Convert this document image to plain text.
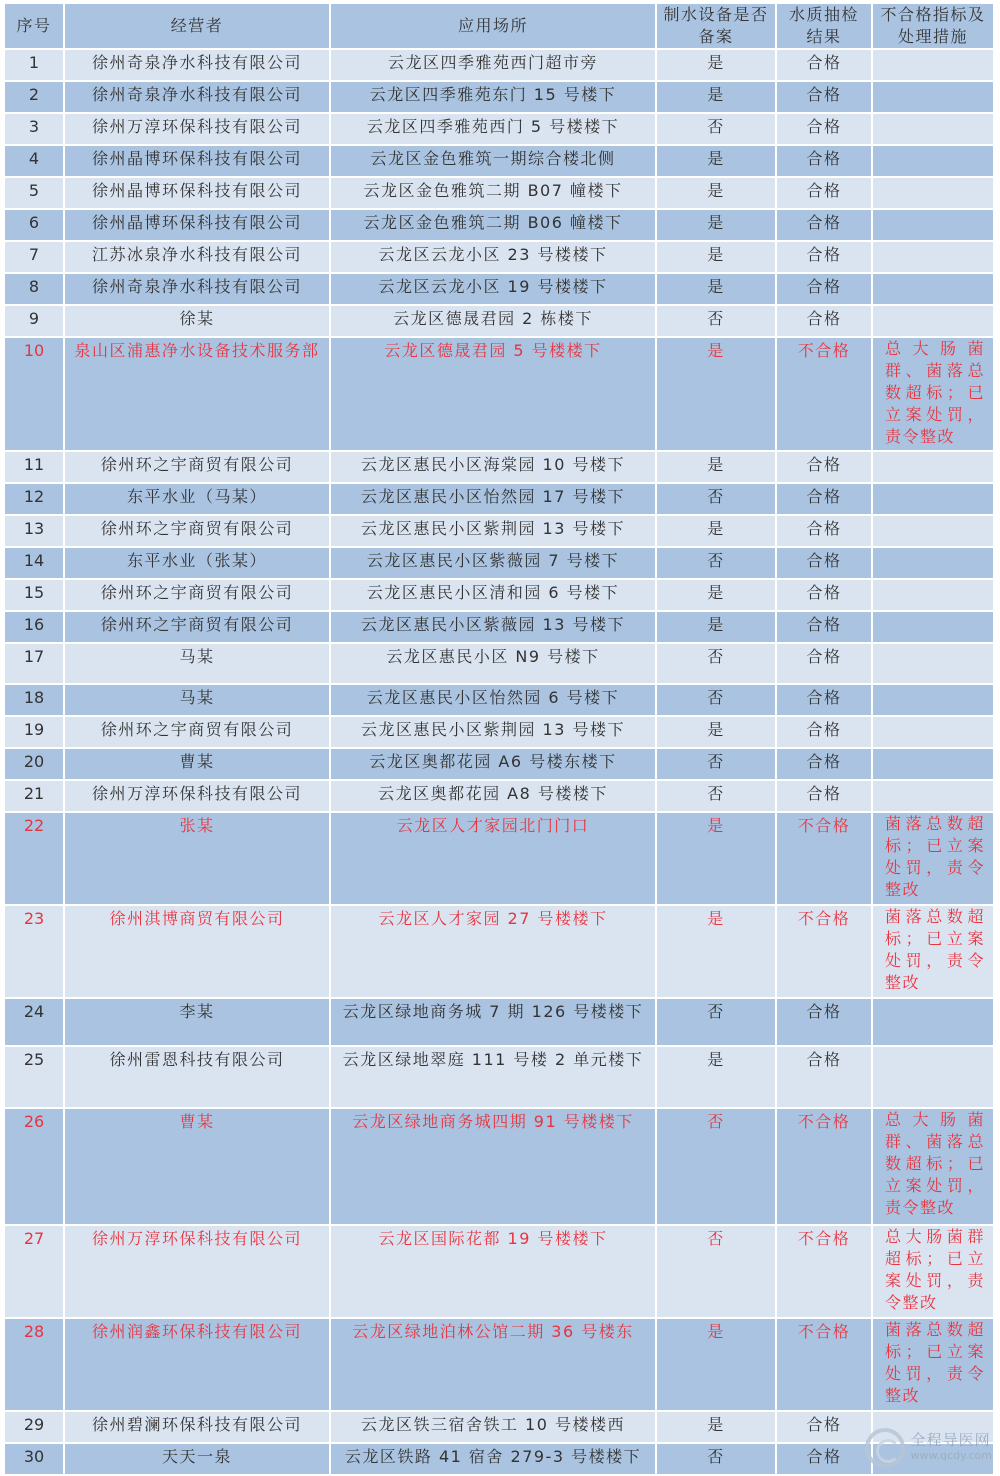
序号	经营者	应用场所	制水设备是否备案	水质抽检结果	不合格指标及处理措施
1	徐州奇泉净水科技有限公司	云龙区四季雅苑西门超市旁	是	合格	
2	徐州奇泉净水科技有限公司	云龙区四季雅苑东门 15 号楼下	是	合格	
3	徐州万淳环保科技有限公司	云龙区四季雅苑西门 5 号楼楼下	否	合格	
4	徐州晶博环保科技有限公司	云龙区金色雅筑一期综合楼北侧	是	合格	
5	徐州晶博环保科技有限公司	云龙区金色雅筑二期 B07 幢楼下	是	合格	
6	徐州晶博环保科技有限公司	云龙区金色雅筑二期 B06 幢楼下	是	合格	
7	江苏冰泉净水科技有限公司	云龙区云龙小区 23 号楼楼下	是	合格	
8	徐州奇泉净水科技有限公司	云龙区云龙小区 19 号楼楼下	是	合格	
9	徐某	云龙区德晟君园 2 栋楼下	否	合格	
10	泉山区浦惠净水设备技术服务部	云龙区德晟君园 5 号楼楼下	是	不合格	总大肠菌群、菌落总数超标；已立案处罚，责令整改
11	徐州环之宇商贸有限公司	云龙区惠民小区海棠园 10 号楼下	是	合格	
12	东平水业（马某）	云龙区惠民小区怡然园 17 号楼下	否	合格	
13	徐州环之宇商贸有限公司	云龙区惠民小区紫荆园 13 号楼下	是	合格	
14	东平水业（张某）	云龙区惠民小区紫薇园 7 号楼下	否	合格	
15	徐州环之宇商贸有限公司	云龙区惠民小区清和园 6 号楼下	是	合格	
16	徐州环之宇商贸有限公司	云龙区惠民小区紫薇园 13 号楼下	是	合格	
17	马某	云龙区惠民小区 N9 号楼下	否	合格	
18	马某	云龙区惠民小区怡然园 6 号楼下	否	合格	
19	徐州环之宇商贸有限公司	云龙区惠民小区紫荆园 13 号楼下	是	合格	
20	曹某	云龙区奥都花园 A6 号楼东楼下	否	合格	
21	徐州万淳环保科技有限公司	云龙区奥都花园 A8 号楼楼下	否	合格	
22	张某	云龙区人才家园北门门口	是	不合格	菌落总数超标；已立案处罚，责令整改
23	徐州淇博商贸有限公司	云龙区人才家园 27 号楼楼下	是	不合格	菌落总数超标；已立案处罚，责令整改
24	李某	云龙区绿地商务城 7 期 126 号楼楼下	否	合格	
25	徐州雷恩科技有限公司	云龙区绿地翠庭 111 号楼 2 单元楼下	是	合格	
26	曹某	云龙区绿地商务城四期 91 号楼楼下	否	不合格	总大肠菌群、菌落总数超标；已立案处罚，责令整改
27	徐州万淳环保科技有限公司	云龙区国际花都 19 号楼楼下	否	不合格	总大肠菌群超标；已立案处罚，责令整改
28	徐州润鑫环保科技有限公司	云龙区绿地泊林公馆二期 36 号楼东	是	不合格	菌落总数超标；已立案处罚，责令整改
29	徐州碧澜环保科技有限公司	云龙区铁三宿舍铁工 10 号楼楼西	是	合格	
30	天天一泉	云龙区铁路 41 宿舍 279-3 号楼楼下	否	合格	
全程导医网
www.qcdy.com
